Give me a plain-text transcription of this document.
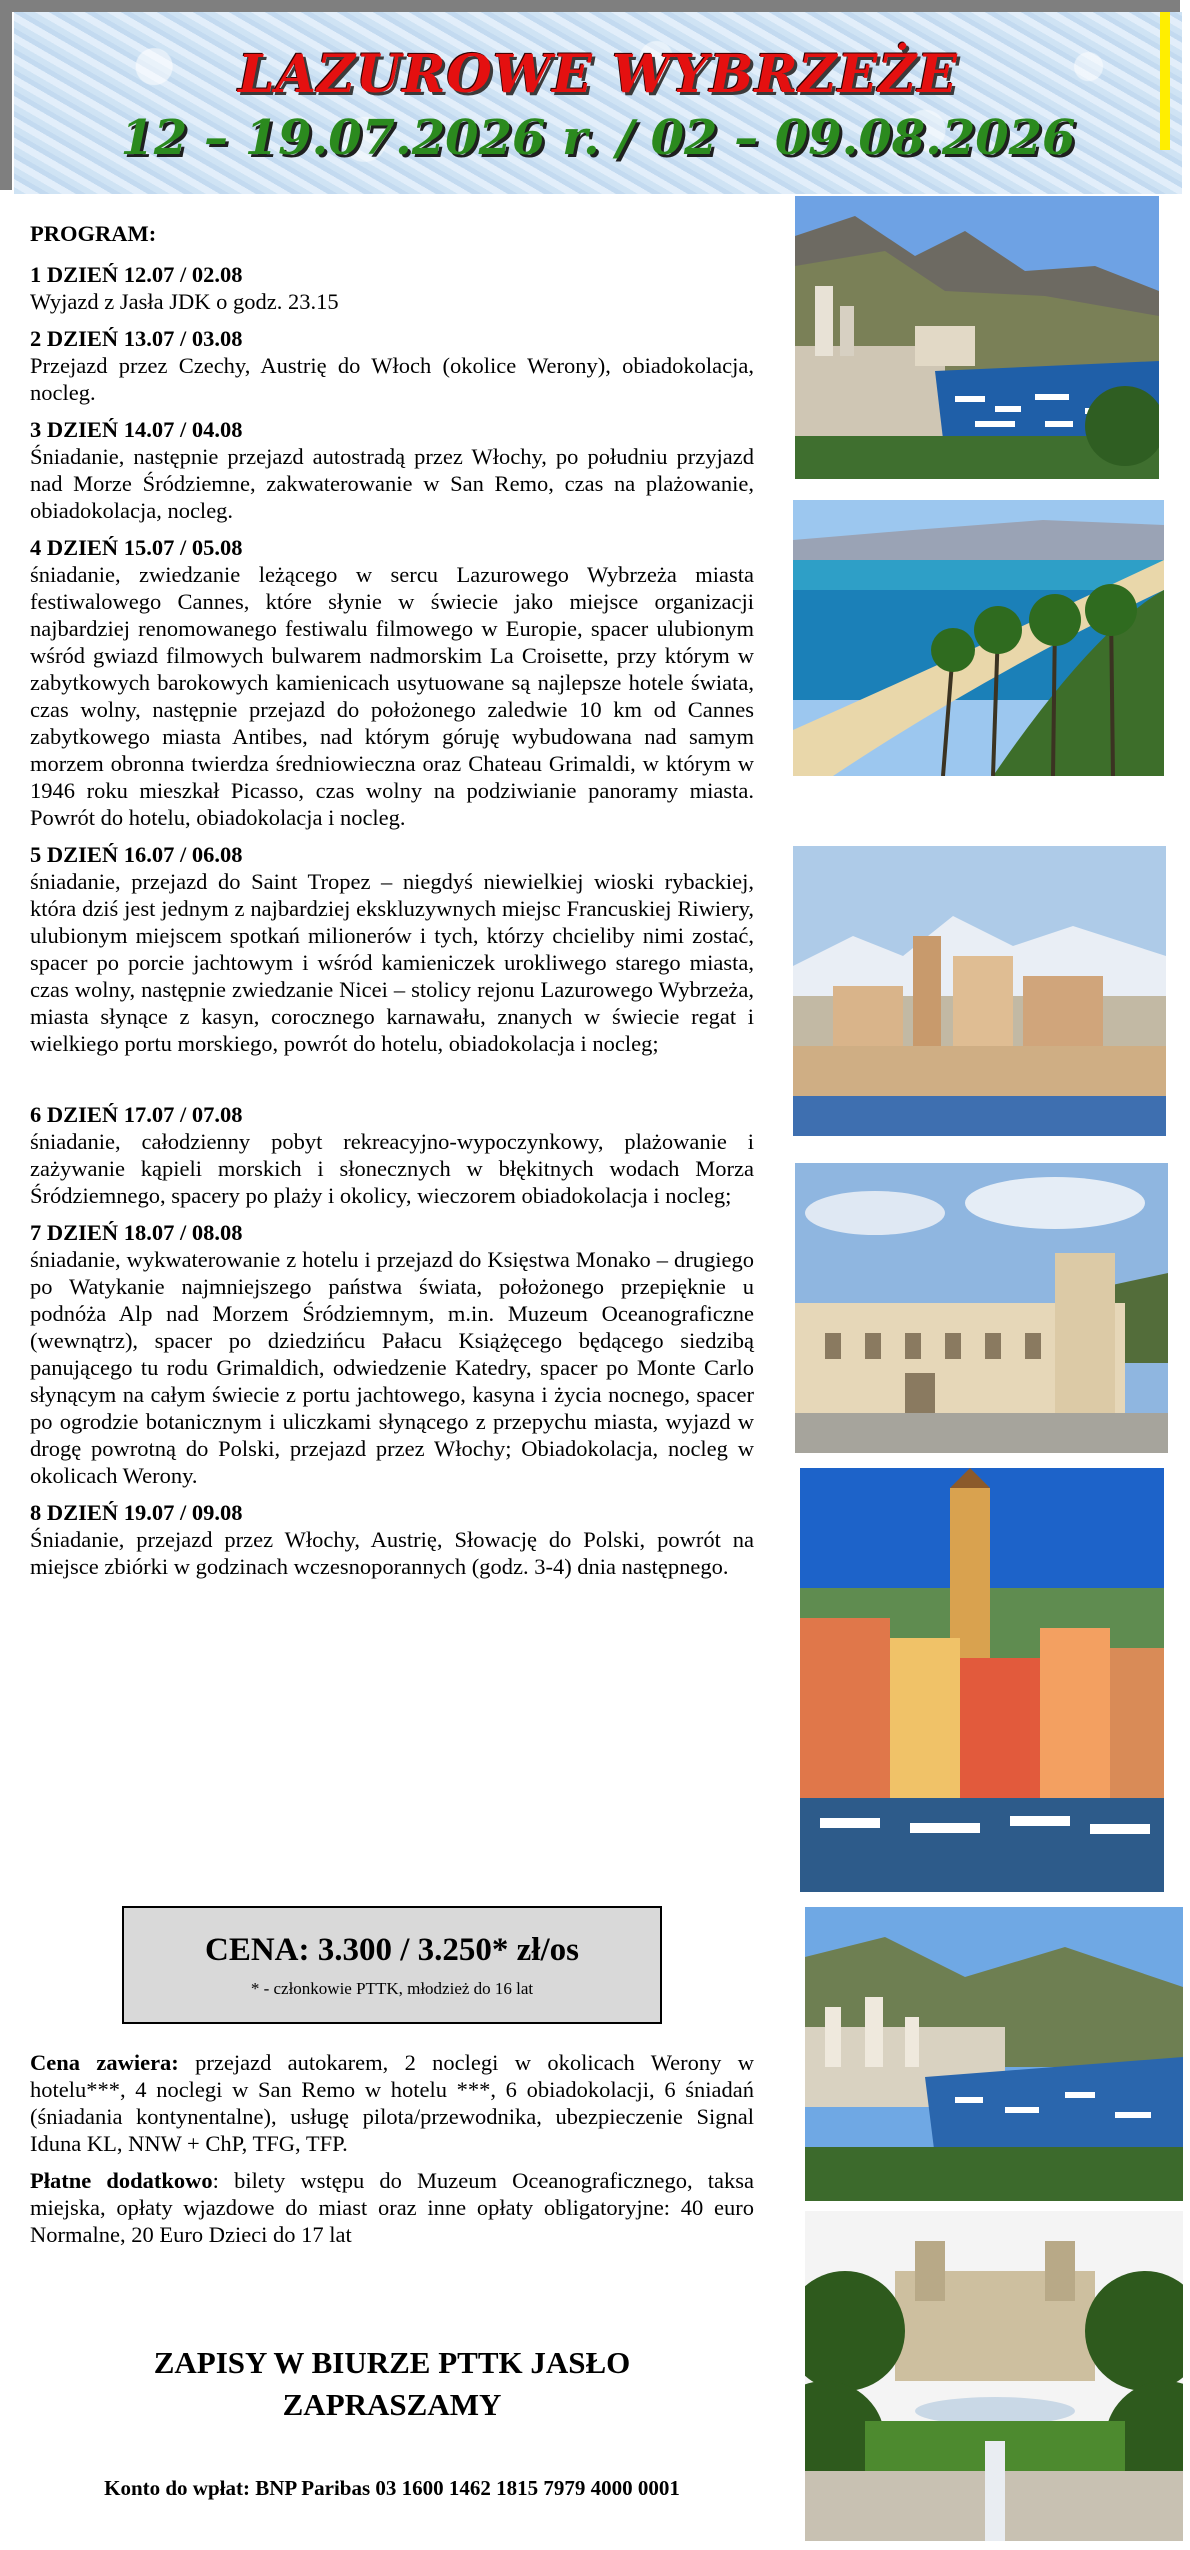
LAZUROWE WYBRZEŻE
12 – 19.07.2026 r. / 02 – 09.08.2026
PROGRAM:
1 DZIEŃ 12.07 / 02.08
Wyjazd z Jasła JDK o godz. 23.15
2 DZIEŃ 13.07 / 03.08
Przejazd przez Czechy, Austrię do Włoch (okolice Werony), obiadokolacja, nocleg.
3 DZIEŃ 14.07 / 04.08
Śniadanie, następnie przejazd autostradą przez Włochy, po południu przyjazd nad Morze Śródziemne, zakwaterowanie w San Remo, czas na plażowanie, obiadokolacja, nocleg.
4 DZIEŃ 15.07 / 05.08
śniadanie, zwiedzanie leżącego w sercu Lazurowego Wybrzeża miasta festiwalowego Cannes, które słynie w świecie jako miejsce organizacji najbardziej renomowanego festiwalu filmowego w Europie, spacer ulubionym wśród gwiazd filmowych bulwarem nadmorskim La Croisette, przy którym w zabytkowych barokowych kamienicach usytuowane są najlepsze hotele świata, czas wolny, następnie przejazd do położonego zaledwie 10 km od Cannes zabytkowego miasta Antibes, nad którym góruję wybudowana nad samym morzem obronna twierdza średniowieczna oraz Chateau Grimaldi, w którym w 1946 roku mieszkał Picasso, czas wolny na podziwianie panoramy miasta. Powrót do hotelu, obiadokolacja i nocleg.
5 DZIEŃ 16.07 / 06.08
śniadanie, przejazd do Saint Tropez – niegdyś niewielkiej wioski rybackiej, która dziś jest jednym z najbardziej ekskluzywnych miejsc Francuskiej Riwiery, ulubionym miejscem spotkań milionerów i tych, którzy chcieliby nimi zostać, spacer po porcie jachtowym i wśród kamieniczek urokliwego starego miasta, czas wolny, następnie zwiedzanie Nicei – stolicy rejonu Lazurowego Wybrzeża, miasta słynące z kasyn, corocznego karnawału, znanych w świecie regat i wielkiego portu morskiego, powrót do hotelu, obiadokolacja i nocleg;
6 DZIEŃ 17.07 / 07.08
śniadanie, całodzienny pobyt rekreacyjno-wypoczynkowy, plażowanie i zażywanie kąpieli morskich i słonecznych w błękitnych wodach Morza Śródziemnego, spacery po plaży i okolicy, wieczorem obiadokolacja i nocleg;
7 DZIEŃ 18.07 / 08.08
śniadanie, wykwaterowanie z hotelu i przejazd do Księstwa Monako – drugiego po Watykanie najmniejszego państwa świata, położonego przepięknie u podnóża Alp nad Morzem Śródziemnym, m.in. Muzeum Oceanograficzne (wewnątrz), spacer po dziedzińcu Pałacu Książęcego będącego siedzibą panującego tu rodu Grimaldich, odwiedzenie Katedry, spacer po Monte Carlo słynącym na całym świecie z portu jachtowego, kasyna i życia nocnego, spacer po ogrodzie botanicznym i uliczkami słynącego z przepychu miasta, wyjazd w drogę powrotną do Polski, przejazd przez Włochy; Obiadokolacja, nocleg w okolicach Werony.
8 DZIEŃ 19.07 / 09.08
Śniadanie, przejazd przez Włochy, Austrię, Słowację do Polski, powrót na miejsce zbiórki w godzinach wczesnoporannych (godz. 3-4) dnia następnego.
CENA: 3.300 / 3.250* zł/os
* - członkowie PTTK, młodzież do 16 lat

Cena zawiera: przejazd autokarem, 2 noclegi w okolicach Werony w hotelu***, 4 noclegi w San Remo w hotelu ***, 6 obiadokolacji, 6 śniadań (śniadania kontynentalne), usługę pilota/przewodnika, ubezpieczenie Signal Iduna KL, NNW + ChP, TFG, TFP.

Płatne dodatkowo: bilety wstępu do Muzeum Oceanograficznego, taksa miejska, opłaty wjazdowe do miast oraz inne opłaty obligatoryjne: 40 euro Normalne, 20 Euro Dzieci do 17 lat

ZAPISY W BIURZE PTTK JASŁO
ZAPRASZAMY
Konto do wpłat: BNP Paribas 03 1600 1462 1815 7979 4000 0001
